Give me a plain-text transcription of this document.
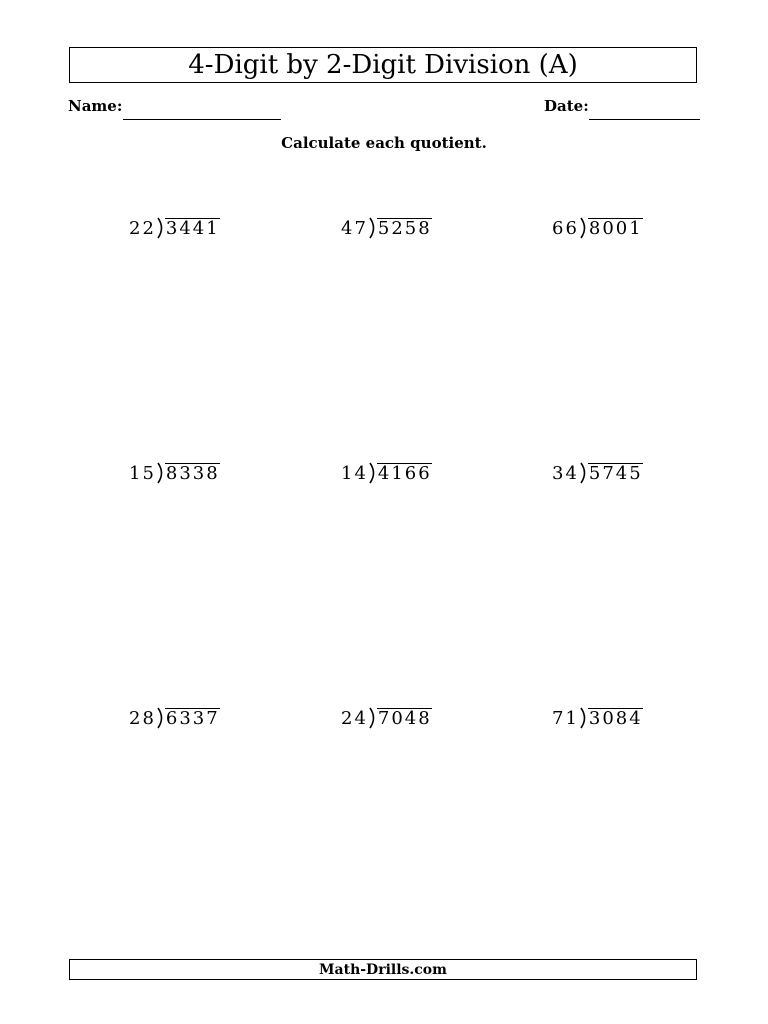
4-Digit by 2-Digit Division (A)
Name:	Date:
Calculate each quotient.
22 3441	47 5258	66 8001
15 8338	14 4166	34 5745
28 6337	24 7048	71 3084
Math-Drills.com
